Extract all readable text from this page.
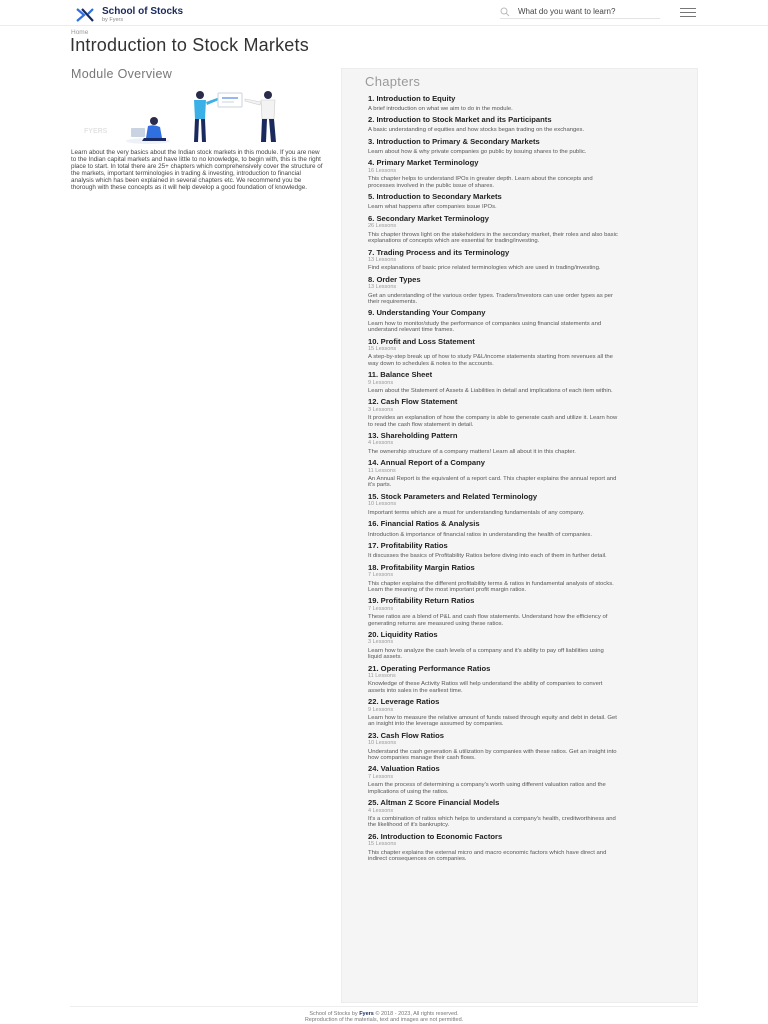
School of Stocks
by Fyers
What do you want to learn?
Home
Introduction to Stock Markets
Module Overview
FYERS

Learn about the very basics about the Indian stock markets in this module. If you are new to the Indian capital markets and have little to no knowledge, to begin with, this is the right place to start. In total there are 25+ chapters which comprehensively cover the structure of the markets, important terminologies in trading & investing, introduction to financial analysis which has been explained in several chapters etc. We recommend you be thorough with these concepts as it will help develop a good foundation of knowledge.

Chapters
1. Introduction to Equity
A brief introduction on what we aim to do in the module.
2. Introduction to Stock Market and its Participants
A basic understanding of equities and how stocks began trading on the exchanges.
3. Introduction to Primary & Secondary Markets
Learn about how & why private companies go public by issuing shares to the public.
4. Primary Market Terminology
16 Lessons
This chapter helps to understand IPOs in greater depth. Learn about the concepts and processes involved in the public issue of shares.
5. Introduction to Secondary Markets
Learn what happens after companies issue IPOs.
6. Secondary Market Terminology
26 Lessons
This chapter throws light on the stakeholders in the secondary market, their roles and also basic explanations of concepts which are essential for trading/investing.
7. Trading Process and its Terminology
13 Lessons
Find explanations of basic price related terminologies which are used in trading/investing.
8. Order Types
13 Lessons
Get an understanding of the various order types. Traders/Investors can use order types as per their requirements.
9. Understanding Your Company
Learn how to monitor/study the performance of companies using financial statements and understand relevant time frames.
10. Profit and Loss Statement
15 Lessons
A step-by-step break up of how to study P&L/income statements starting from revenues all the way down to schedules & notes to the accounts.
11. Balance Sheet
9 Lessons
Learn about the Statement of Assets & Liabilities in detail and implications of each item within.
12. Cash Flow Statement
3 Lessons
It provides an explanation of how the company is able to generate cash and utilize it. Learn how to read the cash flow statement in detail.
13. Shareholding Pattern
4 Lessons
The ownership structure of a company matters! Learn all about it in this chapter.
14. Annual Report of a Company
11 Lessons
An Annual Report is the equivalent of a report card. This chapter explains the annual report and it's parts.
15. Stock Parameters and Related Terminology
10 Lessons
Important terms which are a must for understanding fundamentals of any company.
16. Financial Ratios & Analysis
Introduction & importance of financial ratios in understanding the health of companies.
17. Profitability Ratios
It discusses the basics of Profitability Ratios before diving into each of them in further detail.
18. Profitability Margin Ratios
7 Lessons
This chapter explains the different profitability terms & ratios in fundamental analysis of stocks. Learn the meaning of the most important profit margin ratios.
19. Profitability Return Ratios
7 Lessons
These ratios are a blend of P&L and cash flow statements. Understand how the efficiency of generating returns are measured using these ratios.
20. Liquidity Ratios
3 Lessons
Learn how to analyze the cash levels of a company and it's ability to pay off liabilities using liquid assets.
21. Operating Performance Ratios
11 Lessons
Knowledge of these Activity Ratios will help understand the ability of companies to convert assets into sales in the earliest time.
22. Leverage Ratios
9 Lessons
Learn how to measure the relative amount of funds raised through equity and debt in detail. Get an insight into the leverage assumed by companies.
23. Cash Flow Ratios
10 Lessons
Understand the cash generation & utilization by companies with these ratios. Get an insight into how companies manage their cash flows.
24. Valuation Ratios
7 Lessons
Learn the process of determining a company's worth using different valuation ratios and the implications of using the ratios.
25. Altman Z Score Financial Models
4 Lessons
It's a combination of ratios which helps to understand a company's health, creditworthiness and the likelihood of it's bankruptcy.
26. Introduction to Economic Factors
15 Lessons
This chapter explains the external micro and macro economic factors which have direct and indirect consequences on companies.
School of Stocks by Fyers © 2018 - 2023, All rights reserved.
Reproduction of the materials, text and images are not permitted.
